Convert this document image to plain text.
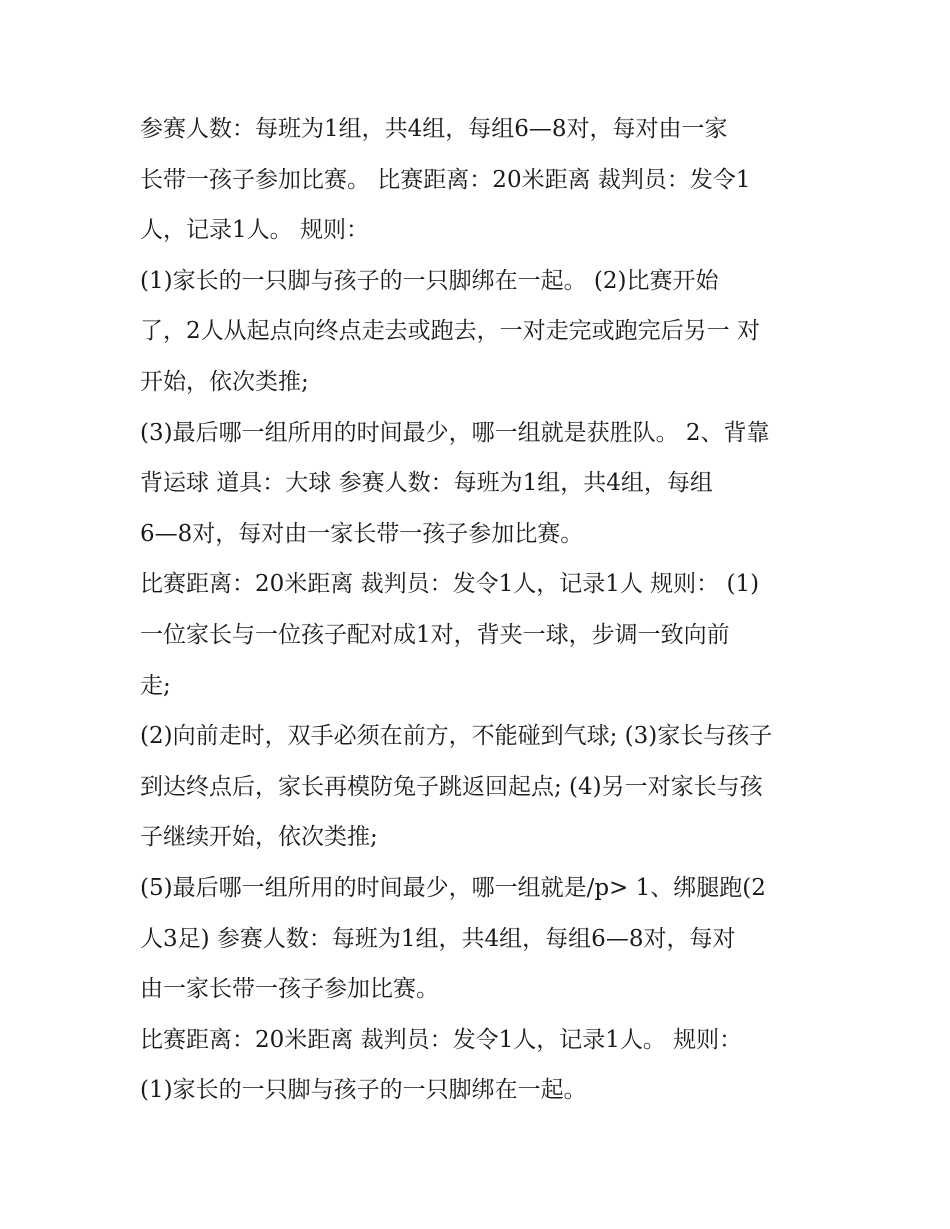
参赛人数：每班为1组，共4组，每组6—8对，每对由一家
长带一孩子参加比赛。 比赛距离：20米距离 裁判员：发令1
人，记录1人。 规则：

(1)家长的一只脚与孩子的一只脚绑在一起。 (2)比赛开始
了，2人从起点向终点走去或跑去，一对走完或跑完后另一 对
开始，依次类推;

(3)最后哪一组所用的时间最少，哪一组就是获胜队。 2、背靠
背运球 道具：大球 参赛人数：每班为1组，共4组，每组
6—8对，每对由一家长带一孩子参加比赛。

比赛距离：20米距离 裁判员：发令1人，记录1人 规则： (1)
一位家长与一位孩子配对成1对，背夹一球，步调一致向前
走;

(2)向前走时，双手必须在前方，不能碰到气球; (3)家长与孩子
到达终点后，家长再模防兔子跳返回起点; (4)另一对家长与孩
子继续开始，依次类推;

(5)最后哪一组所用的时间最少，哪一组就是/p> 1、绑腿跑(2
人3足) 参赛人数：每班为1组，共4组，每组6—8对，每对
由一家长带一孩子参加比赛。

比赛距离：20米距离 裁判员：发令1人，记录1人。 规则：
(1)家长的一只脚与孩子的一只脚绑在一起。
